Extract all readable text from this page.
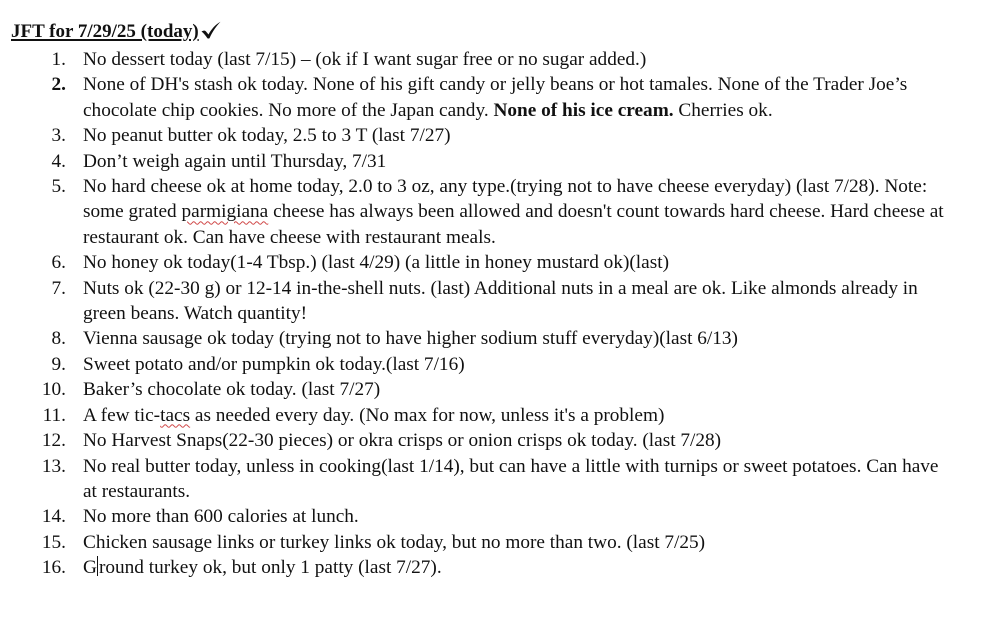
JFT for 7/29/25 (today)
1. No dessert today (last 7/15) – (ok if I want sugar free or no sugar added.)
2. None of DH's stash ok today. None of his gift candy or jelly beans or hot tamales. None of the Trader Joe’s chocolate chip cookies. No more of the Japan candy. None of his ice cream. Cherries ok.
3. No peanut butter ok today, 2.5 to 3 T (last 7/27)
4. Don’t weigh again until Thursday, 7/31
5. No hard cheese ok at home today, 2.0 to 3 oz, any type.(trying not to have cheese everyday) (last 7/28). Note: some grated parmigiana cheese has always been allowed and doesn't count towards hard cheese. Hard cheese at restaurant ok. Can have cheese with restaurant meals.
6. No honey ok today(1-4 Tbsp.) (last 4/29) (a little in honey mustard ok)(last)
7. Nuts ok (22-30 g) or 12-14 in-the-shell nuts. (last) Additional nuts in a meal are ok. Like almonds already in green beans. Watch quantity!
8. Vienna sausage ok today (trying not to have higher sodium stuff everyday)(last 6/13)
9. Sweet potato and/or pumpkin ok today.(last 7/16)
10. Baker’s chocolate ok today. (last 7/27)
11. A few tic-tacs as needed every day. (No max for now, unless it's a problem)
12. No Harvest Snaps(22-30 pieces) or okra crisps or onion crisps ok today. (last 7/28)
13. No real butter today, unless in cooking(last 1/14), but can have a little with turnips or sweet potatoes. Can have at restaurants.
14. No more than 600 calories at lunch.
15. Chicken sausage links or turkey links ok today, but no more than two. (last 7/25)
16. G round turkey ok, but only 1 patty (last 7/27).
